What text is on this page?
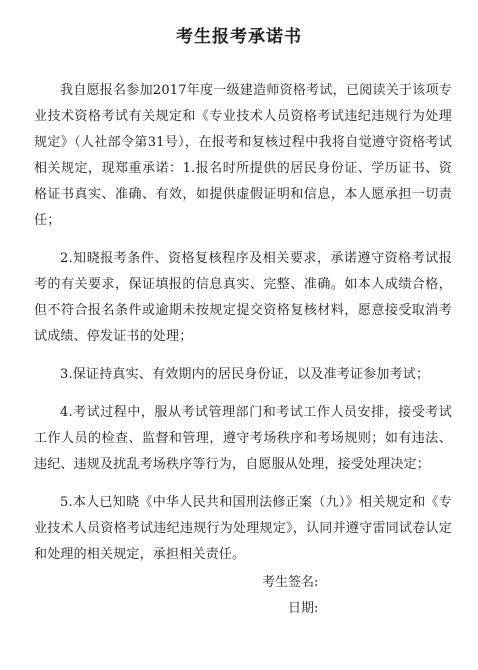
考生报考承诺书

我自愿报名参加2017年度一级建造师资格考试，已阅读关于该项专业技术资格考试有关规定和《专业技术人员资格考试违纪违规行为处理规定》（人社部令第31号），在报考和复核过程中我将自觉遵守资格考试相关规定，现郑重承诺：1.报名时所提供的居民身份证、学历证书、资格证书真实、准确、有效，如提供虚假证明和信息，本人愿承担一切责任；

2.知晓报考条件、资格复核程序及相关要求，承诺遵守资格考试报考的有关要求，保证填报的信息真实、完整、准确。如本人成绩合格，但不符合报名条件或逾期未按规定提交资格复核材料，愿意接受取消考试成绩、停发证书的处理；

3.保证持真实、有效期内的居民身份证，以及准考证参加考试；

4.考试过程中，服从考试管理部门和考试工作人员安排，接受考试工作人员的检查、监督和管理，遵守考场秩序和考场规则；如有违法、违纪、违规及扰乱考场秩序等行为，自愿服从处理，接受处理决定；

5.本人已知晓《中华人民共和国刑法修正案（九）》相关规定和《专业技术人员资格考试违纪违规行为处理规定》，认同并遵守雷同试卷认定和处理的相关规定，承担相关责任。

考生签名:
日期:
